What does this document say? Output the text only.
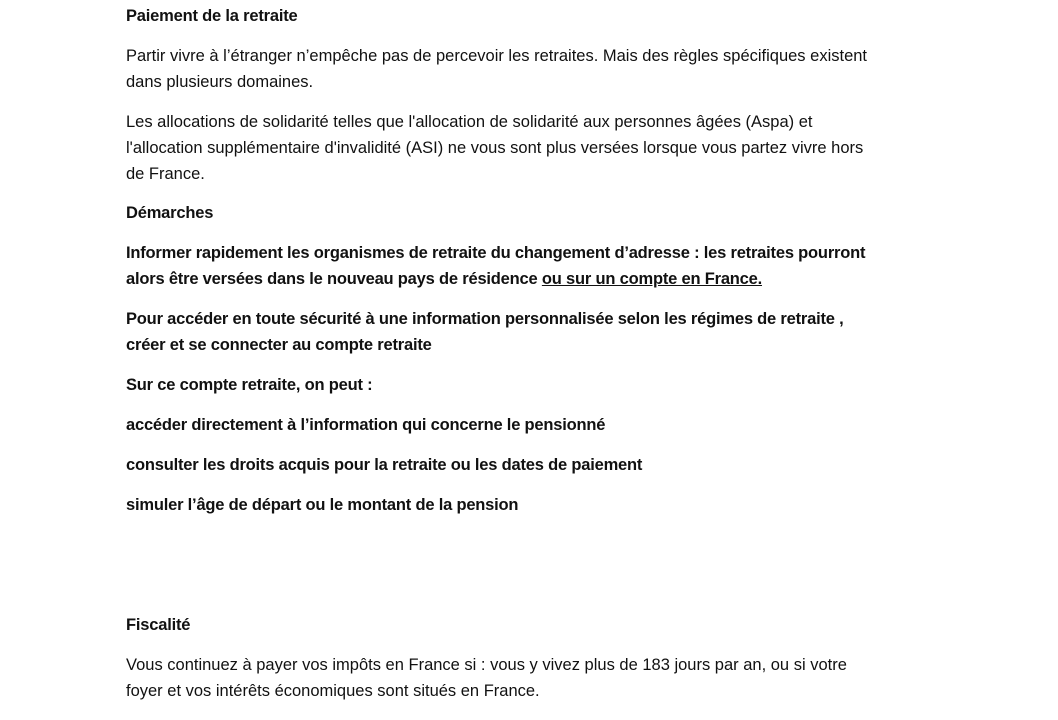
Paiement de la retraite

Partir vivre à l’étranger n’empêche pas de percevoir les retraites. Mais des règles spécifiques existent
dans plusieurs domaines.
Les allocations de solidarité telles que l'allocation de solidarité aux personnes âgées (Aspa) et
l'allocation supplémentaire d'invalidité (ASI) ne vous sont plus versées lorsque vous partez vivre hors
de France.

Démarches

Informer rapidement les organismes de retraite du changement d’adresse : les retraites pourront
alors être versées dans le nouveau pays de résidence ou sur un compte en France.
Pour accéder en toute sécurité à une information personnalisée selon les régimes de retraite ,
créer et se connecter au compte retraite

Sur ce compte retraite, on peut :

accéder directement à l’information qui concerne le pensionné

consulter les droits acquis pour la retraite ou les dates de paiement

simuler l’âge de départ ou le montant de la pension

Fiscalité

Vous continuez à payer vos impôts en France si : vous y vivez plus de 183 jours par an, ou si votre
foyer et vos intérêts économiques sont situés en France.
